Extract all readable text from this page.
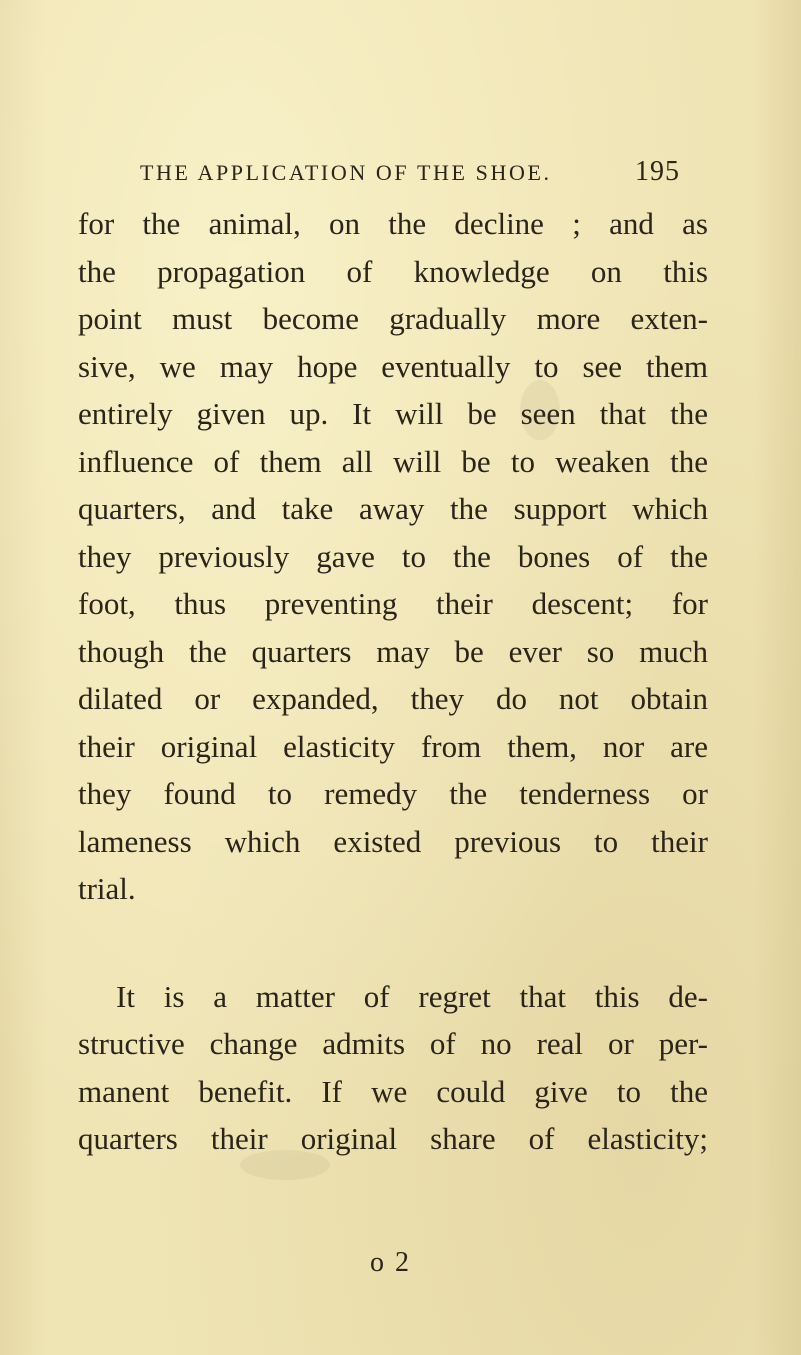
THE APPLICATION OF THE SHOE.	195
for the animal, on the decline ; and as
the propagation of knowledge on this
point must become gradually more exten-
sive, we may hope eventually to see them
entirely given up. It will be seen that the
influence of them all will be to weaken the
quarters, and take away the support which
they previously gave to the bones of the
foot, thus preventing their descent; for
though the quarters may be ever so much
dilated or expanded, they do not obtain
their original elasticity from them, nor are
they found to remedy the tenderness or
lameness which existed previous to their
trial.
It is a matter of regret that this de-
structive change admits of no real or per-
manent benefit. If we could give to the
quarters their original share of elasticity;
o 2
